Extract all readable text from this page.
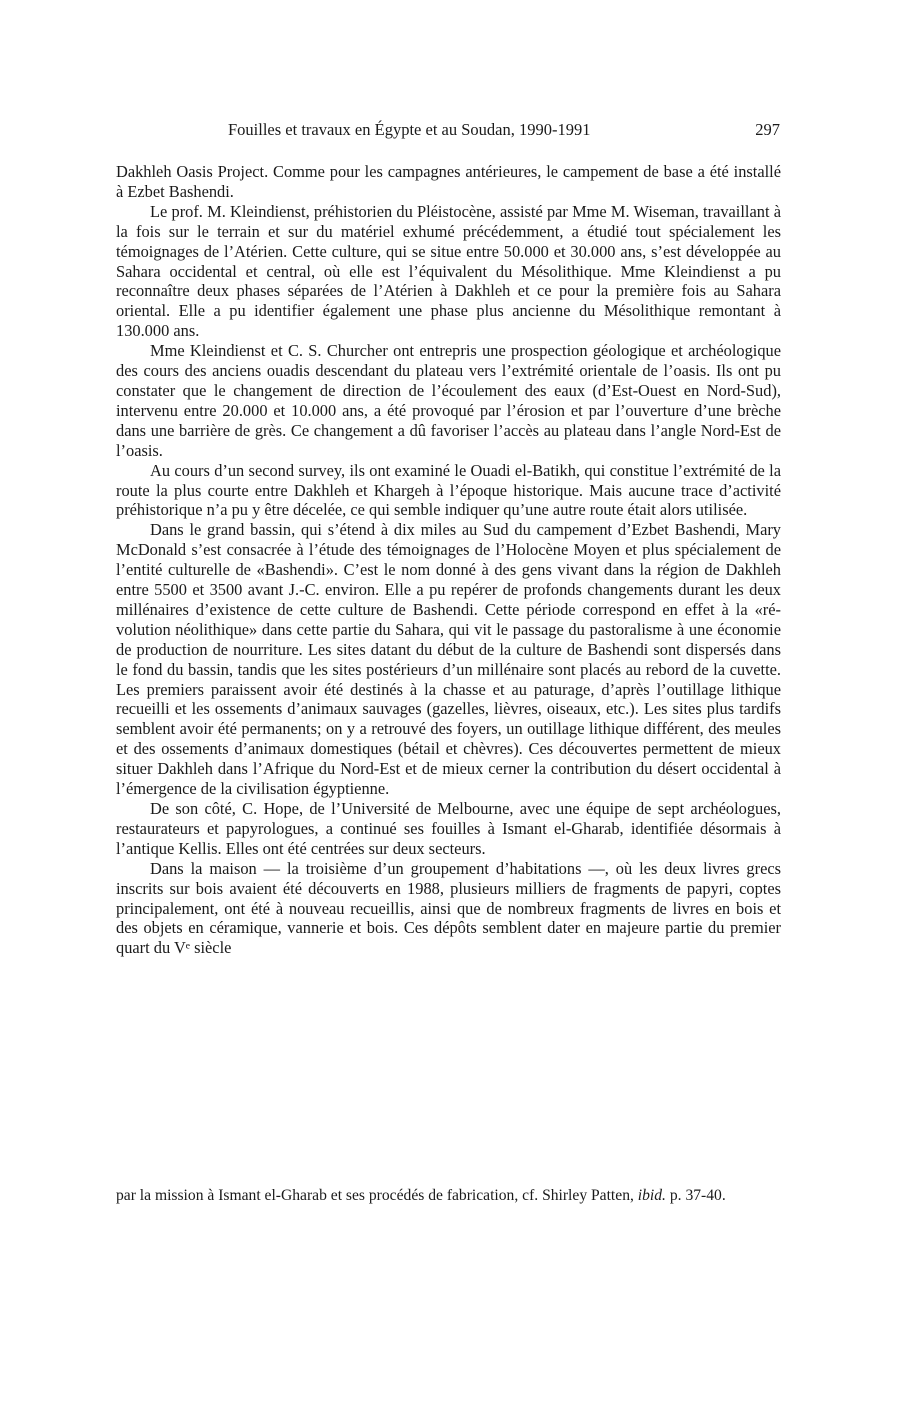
Fouilles et travaux en Égypte et au Soudan, 1990-1991	297

Dakhleh Oasis Project. Comme pour les campagnes antérieures, le campement de base a été installé à Ezbet Bashendi.

Le prof. M. Kleindienst, préhistorien du Pléistocène, assisté par Mme M. Wiseman, travaillant à la fois sur le terrain et sur du matériel exhumé précédemment, a étudié tout spécialement les témoignages de l’Atérien. Cette culture, qui se situe entre 50.000 et 30.000 ans, s’est développée au Sahara occidental et central, où elle est l’équivalent du Mésolithique. Mme Kleindienst a pu reconnaître deux phases séparées de l’Atérien à Dakhleh et ce pour la première fois au Sahara oriental. Elle a pu identifier également une phase plus ancienne du Mésolithique remontant à 130.000 ans.

Mme Kleindienst et C. S. Churcher ont entrepris une prospection géologique et archéologique des cours des anciens ouadis descendant du plateau vers l’extrémité orientale de l’oasis. Ils ont pu constater que le changement de direction de l’écoulement des eaux (d’Est-Ouest en Nord-Sud), intervenu entre 20.000 et 10.000 ans, a été provoqué par l’érosion et par l’ouverture d’une brèche dans une barrière de grès. Ce changement a dû favoriser l’accès au plateau dans l’angle Nord-Est de l’oasis.

Au cours d’un second survey, ils ont examiné le Ouadi el-Batikh, qui constitue l’extrémité de la route la plus courte entre Dakhleh et Khargeh à l’époque historique. Mais aucune trace d’activité préhistorique n’a pu y être décelée, ce qui semble indiquer qu’une autre route était alors utilisée.

Dans le grand bassin, qui s’étend à dix miles au Sud du campement d’Ezbet Bashendi, Mary McDonald s’est consacrée à l’étude des témoignages de l’Holocène Moyen et plus spécialement de l’entité culturelle de «Bashendi». C’est le nom donné à des gens vivant dans la région de Dakhleh entre 5500 et 3500 avant J.-C. environ. Elle a pu repérer de profonds changements durant les deux millénaires d’existence de cette culture de Bashendi. Cette période correspond en effet à la «révolution néolithique» dans cette partie du Sahara, qui vit le passage du pastoralisme à une économie de production de nourriture. Les sites datant du début de la culture de Bashendi sont dispersés dans le fond du bassin, tandis que les sites postérieurs d’un millénaire sont placés au rebord de la cuvette. Les premiers paraissent avoir été destinés à la chasse et au paturage, d’après l’outillage lithique recueilli et les ossements d’animaux sauvages (gazelles, lièvres, oiseaux, etc.). Les sites plus tardifs semblent avoir été permanents; on y a retrouvé des foyers, un outillage lithique différent, des meules et des ossements d’animaux domestiques (bétail et chèvres). Ces découvertes permettent de mieux situer Dakhleh dans l’Afrique du Nord-Est et de mieux cerner la contribution du désert occidental à l’émergence de la civilisation égyptienne.

De son côté, C. Hope, de l’Université de Melbourne, avec une équipe de sept archéologues, restaurateurs et papyrologues, a continué ses fouilles à Ismant el-Gharab, identifiée désormais à l’antique Kellis. Elles ont été centrées sur deux secteurs.

Dans la maison — la troisième d’un groupement d’habitations —, où les deux livres grecs inscrits sur bois avaient été découverts en 1988, plusieurs milliers de fragments de papyri, coptes principalement, ont été à nouveau recueillis, ainsi que de nombreux fragments de livres en bois et des objets en céramique, vannerie et bois. Ces dépôts semblent dater en majeure partie du premier quart du Vᵉ siècle

par la mission à Ismant el-Gharab et ses procédés de fabrication, cf. Shirley Patten, ibid. p. 37-40.
